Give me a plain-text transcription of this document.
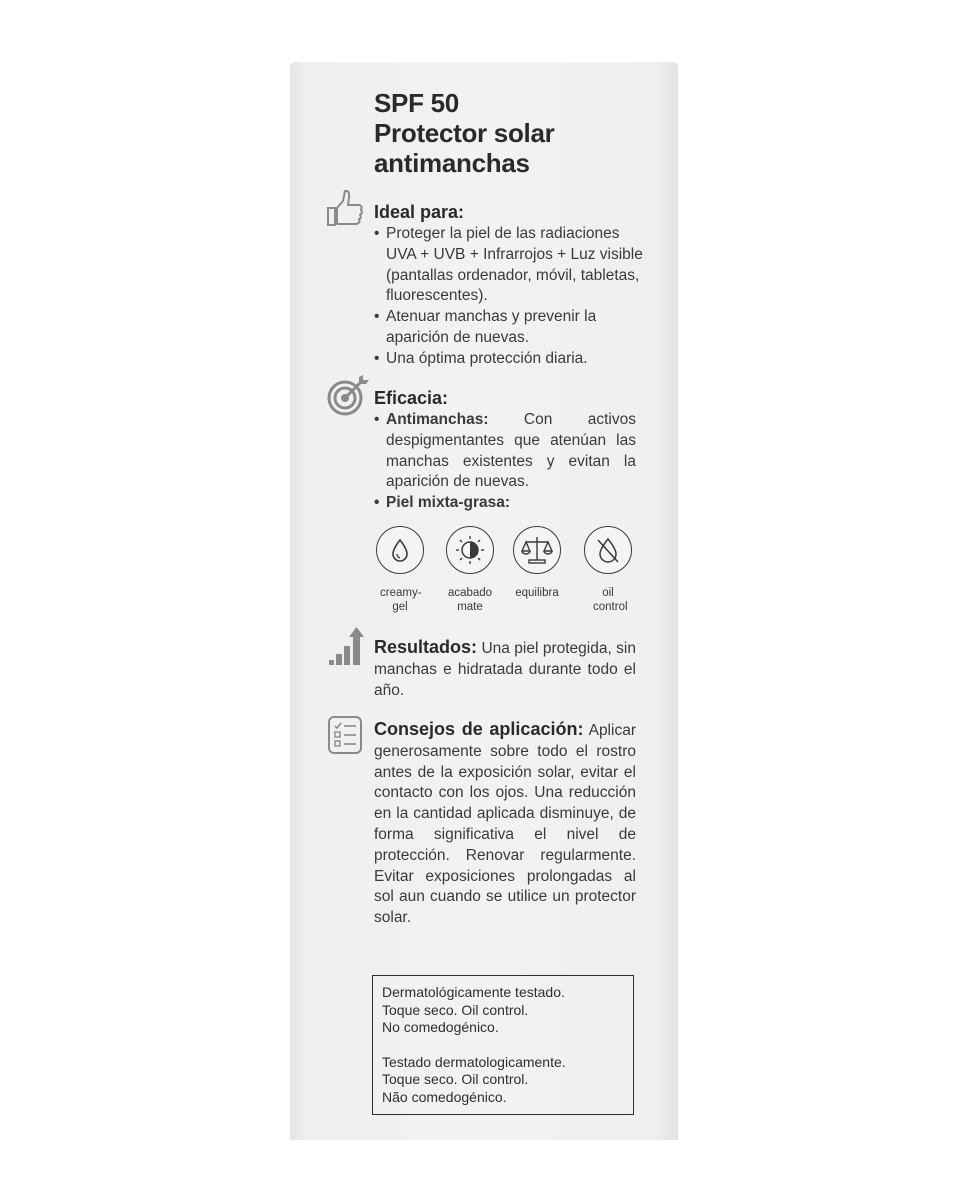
SPF 50
Protector solar
antimanchas
Ideal para:
• Proteger la piel de las radiaciones UVA + UVB + Infrarrojos + Luz visible (pantallas ordenador, móvil, tabletas, fluorescentes).
• Atenuar manchas y prevenir la aparición de nuevas.
• Una óptima protección diaria.
Eficacia:
• Antimanchas: Con activos despigmentantes que atenúan las manchas existentes y evitan la aparición de nuevas.
• Piel mixta-grasa:
creamy-gel
acabado mate
equilibra	oil control
Resultados: Una piel protegida, sin manchas e hidratada durante todo el año.
Consejos de aplicación: Aplicar generosamente sobre todo el rostro antes de la exposición solar, evitar el contacto con los ojos. Una reducción en la cantidad aplicada disminuye, de forma significativa el nivel de protección. Renovar regularmente. Evitar exposiciones prolongadas al sol aun cuando se utilice un protector solar.
Dermatológicamente testado.
Toque seco. Oil control.
No comedogénico.
Testado dermatologicamente.
Toque seco. Oil control.
Não comedogénico.
